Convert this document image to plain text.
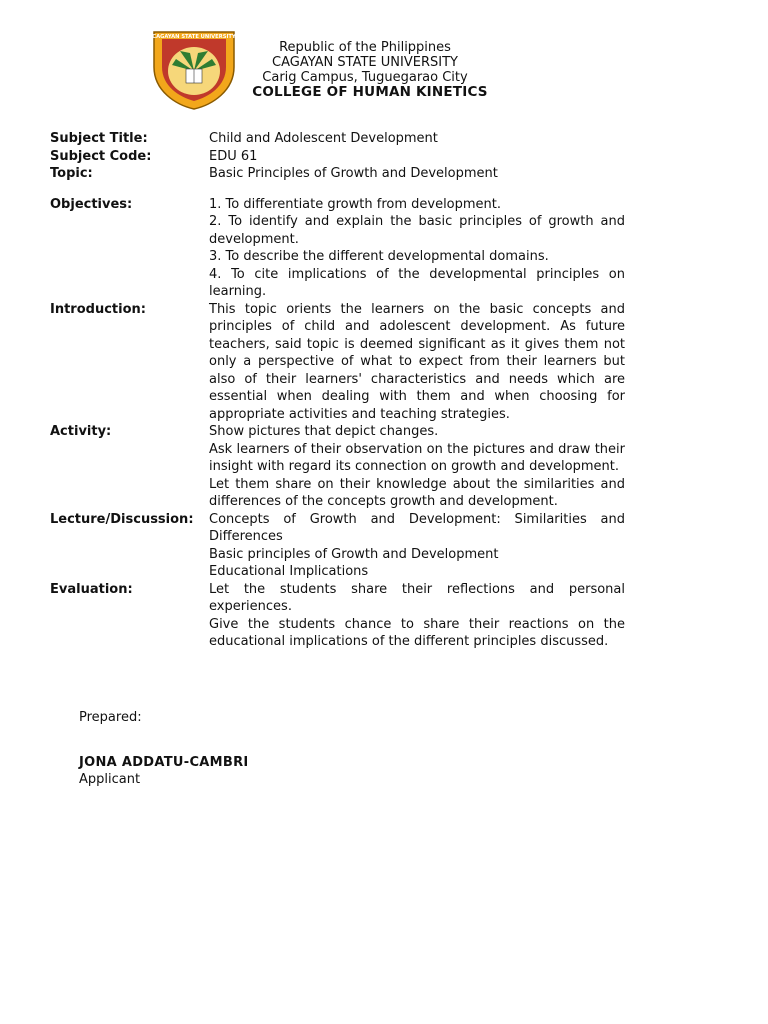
CAGAYAN STATE UNIVERSITY
Republic of the Philippines
CAGAYAN STATE UNIVERSITY
Carig Campus, Tuguegarao City
COLLEGE OF HUMAN KINETICS
Subject Title:	Child and Adolescent Development
Subject Code:	EDU 61
Topic:	Basic Principles of Growth and Development
Objectives:	1. To differentiate growth from development.

2. To identify and explain the basic principles of growth and development.

3. To describe the different developmental domains.

4. To cite implications of the developmental principles on learning.

Introduction:	This topic orients the learners on the basic concepts and principles of child and adolescent development. As future teachers, said topic is deemed significant as it gives them not only a perspective of what to expect from their learners but also of their learners' characteristics and needs which are essential when dealing with them and when choosing for appropriate activities and teaching strategies.
Activity:	Show pictures that depict changes.

Ask learners of their observation on the pictures and draw their insight with regard its connection on growth and development.

Let them share on their knowledge about the similarities and differences of the concepts growth and development.

Lecture/Discussion:	Concepts of Growth and Development: Similarities and Differences

Basic principles of Growth and Development

Educational Implications

Evaluation:	Let the students share their reflections and personal experiences.

Give the students chance to share their reactions on the educational implications of the different principles discussed.

Prepared:
JONA ADDATU-CAMBRI
Applicant
